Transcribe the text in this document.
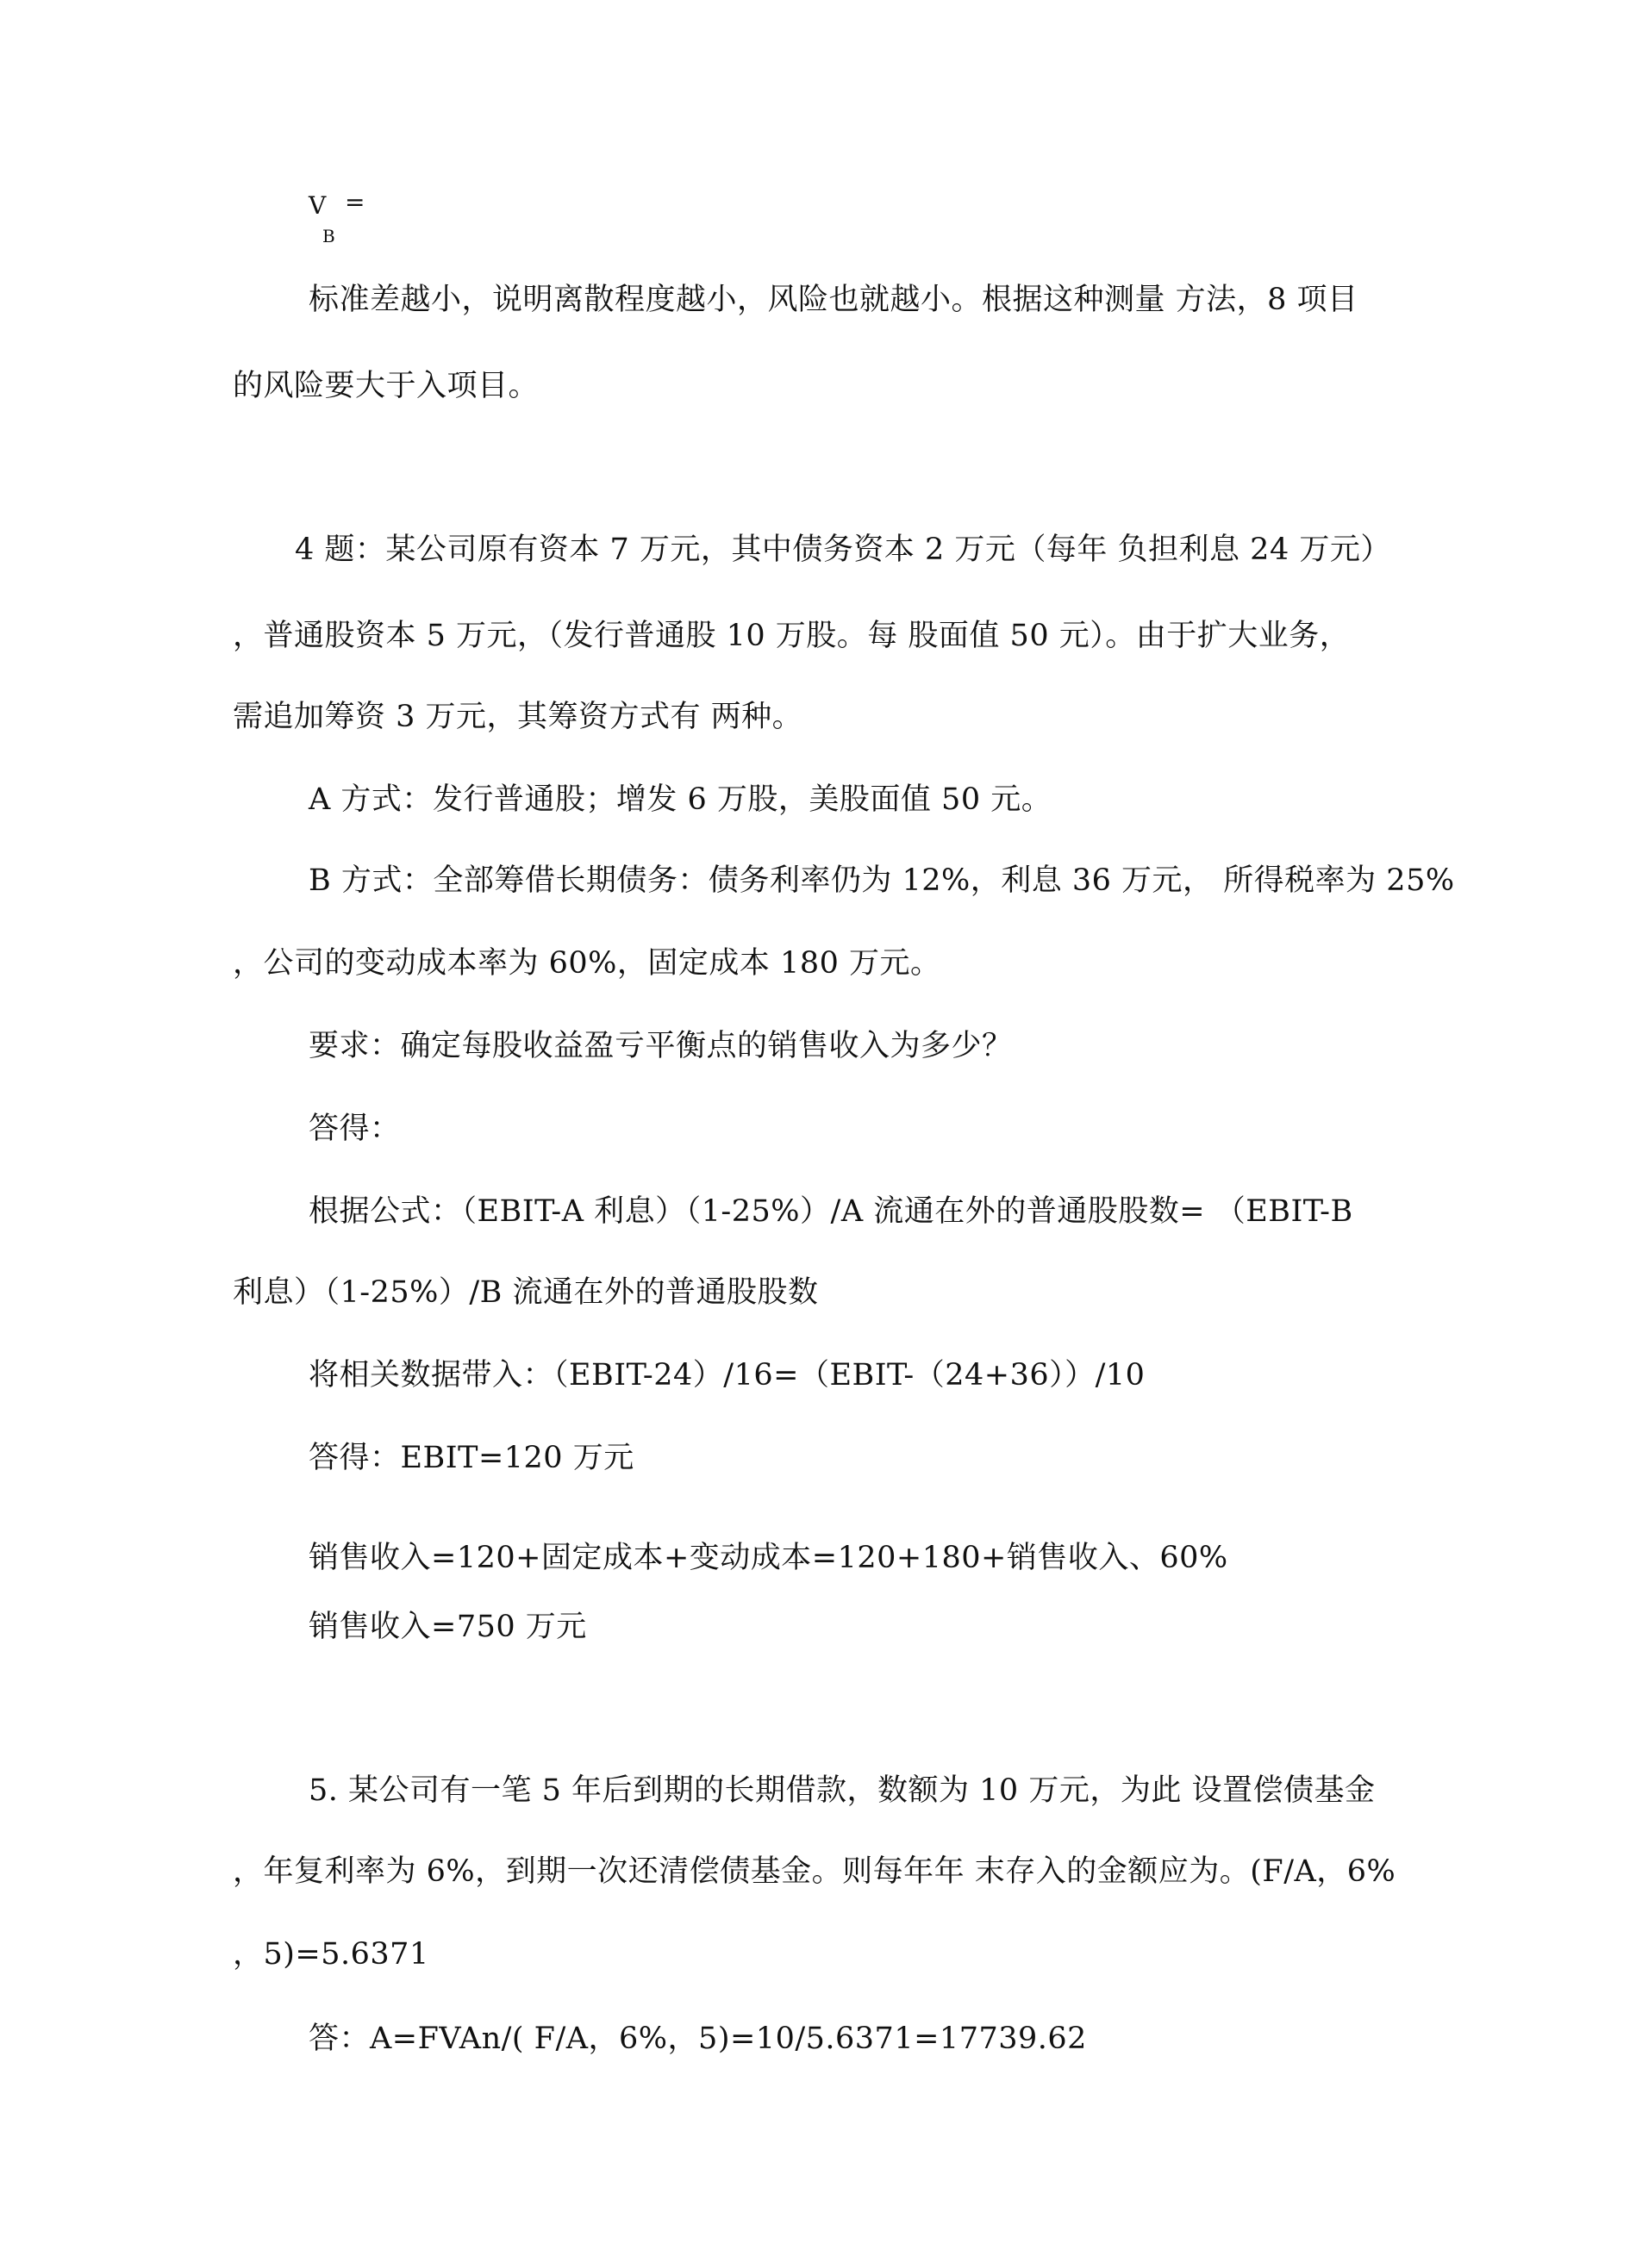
V =
B
标准差越小，说明离散程度越小，风险也就越小。根据这种测量 方法，8 项目
的风险要大于入项目。
4 题：某公司原有资本 7 万元，其中债务资本 2 万元（每年 负担利息 24 万元）
，普通股资本 5 万元，（发行普通股 10 万股。每 股面值 50 元）。由于扩大业务，
需追加筹资 3 万元，其筹资方式有 两种。
A 方式：发行普通股；增发 6 万股，美股面值 50 元。
B 方式：全部筹借长期债务：债务利率仍为 12%，利息 36 万元， 所得税率为 25%
，公司的变动成本率为 60%，固定成本 180 万元。
要求：确定每股收益盈亏平衡点的销售收入为多少？
答得：
根据公式：（EBIT-A 利息）（1-25%）/A 流通在外的普通股股数= （EBIT-B
利息）（1-25%）/B 流通在外的普通股股数
将相关数据带入：（EBIT-24）/16=（EBIT-（24+36））/10
答得：EBIT=120 万元
销售收入=120+固定成本+变动成本=120+180+销售收入、60%
销售收入=750 万元
5. 某公司有一笔 5 年后到期的长期借款，数额为 10 万元，为此 设置偿债基金
，年复利率为 6%，到期一次还清偿债基金。则每年年 末存入的金额应为。(F/A，6%
，5)=5.6371
答：A=FVAn/( F/A，6%，5)=10/5.6371=17739.62
